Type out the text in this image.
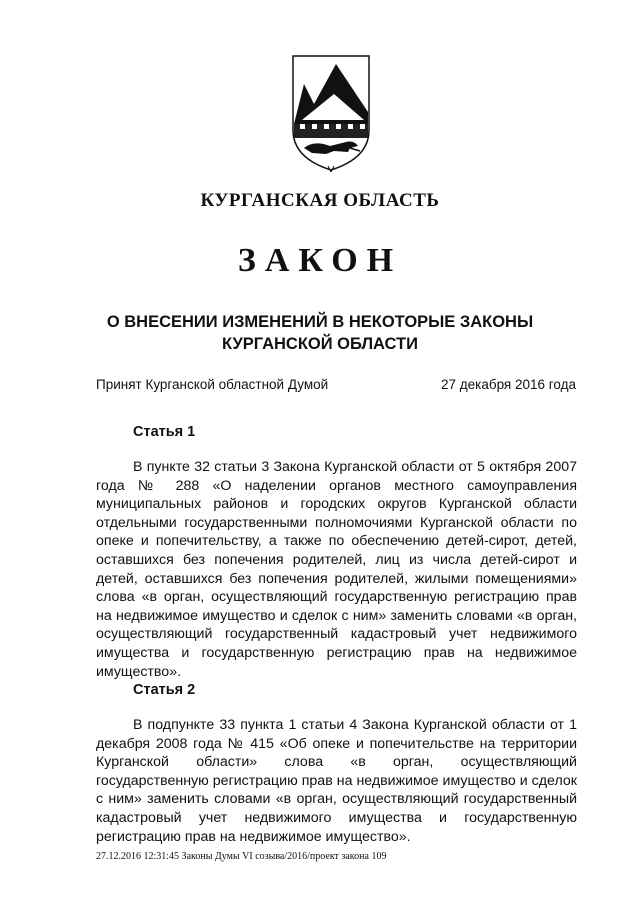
КУРГАНСКАЯ ОБЛАСТЬ
ЗАКОН
О ВНЕСЕНИИ ИЗМЕНЕНИЙ В НЕКОТОРЫЕ ЗАКОНЫ КУРГАНСКОЙ ОБЛАСТИ
Принят Курганской областной Думой	27 декабря 2016 года
Статья 1
В пункте 32 статьи 3 Закона Курганской области от 5 октября 2007 года № 288 «О наделении органов местного самоуправления муниципальных районов и городских округов Курганской области отдельными государственными полномочиями Курганской области по опеке и попечительству, а также по обеспечению детей-сирот, детей, оставшихся без попечения родителей, лиц из числа детей-сирот и детей, оставшихся без попечения родителей, жилыми помещениями» слова «в орган, осуществляющий государственную регистрацию прав на недвижимое имущество и сделок с ним» заменить словами «в орган, осуществляющий государственный кадастровый учет недвижимого имущества и государственную регистрацию прав на недвижимое имущество».
Статья 2
В подпункте 33 пункта 1 статьи 4 Закона Курганской области от 1 декабря 2008 года № 415 «Об опеке и попечительстве на территории Курганской области» слова «в орган, осуществляющий государственную регистрацию прав на недвижимое имущество и сделок с ним» заменить словами «в орган, осуществляющий государственный кадастровый учет недвижимого имущества и государственную регистрацию прав на недвижимое имущество».
27.12.2016 12:31:45 Законы Думы VI созыва/2016/проект закона 109
